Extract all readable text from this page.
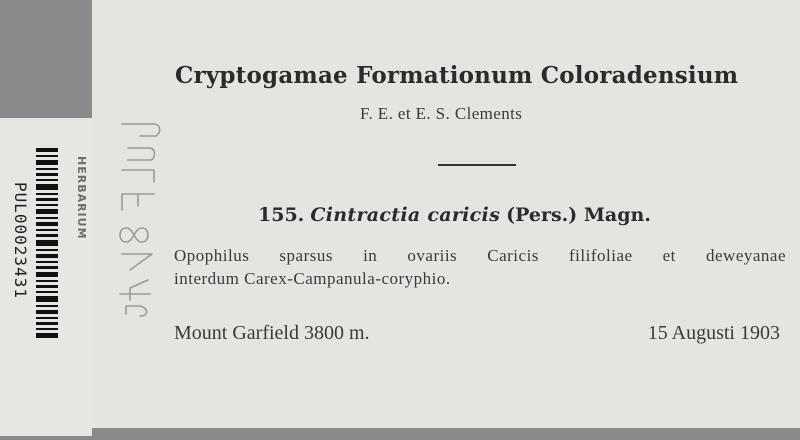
PUL00023431	HERBARIUM
Cryptogamae Formationum Coloradensium
F. E. et E. S. Clements
155. Cintractia caricis (Pers.) Magn.
Opophilus sparsus in ovariis Caricis filifoliae et deweyanae
interdum Carex-Campanula-coryphio.
Mount Garfield 3800 m.	15 Augusti 1903
